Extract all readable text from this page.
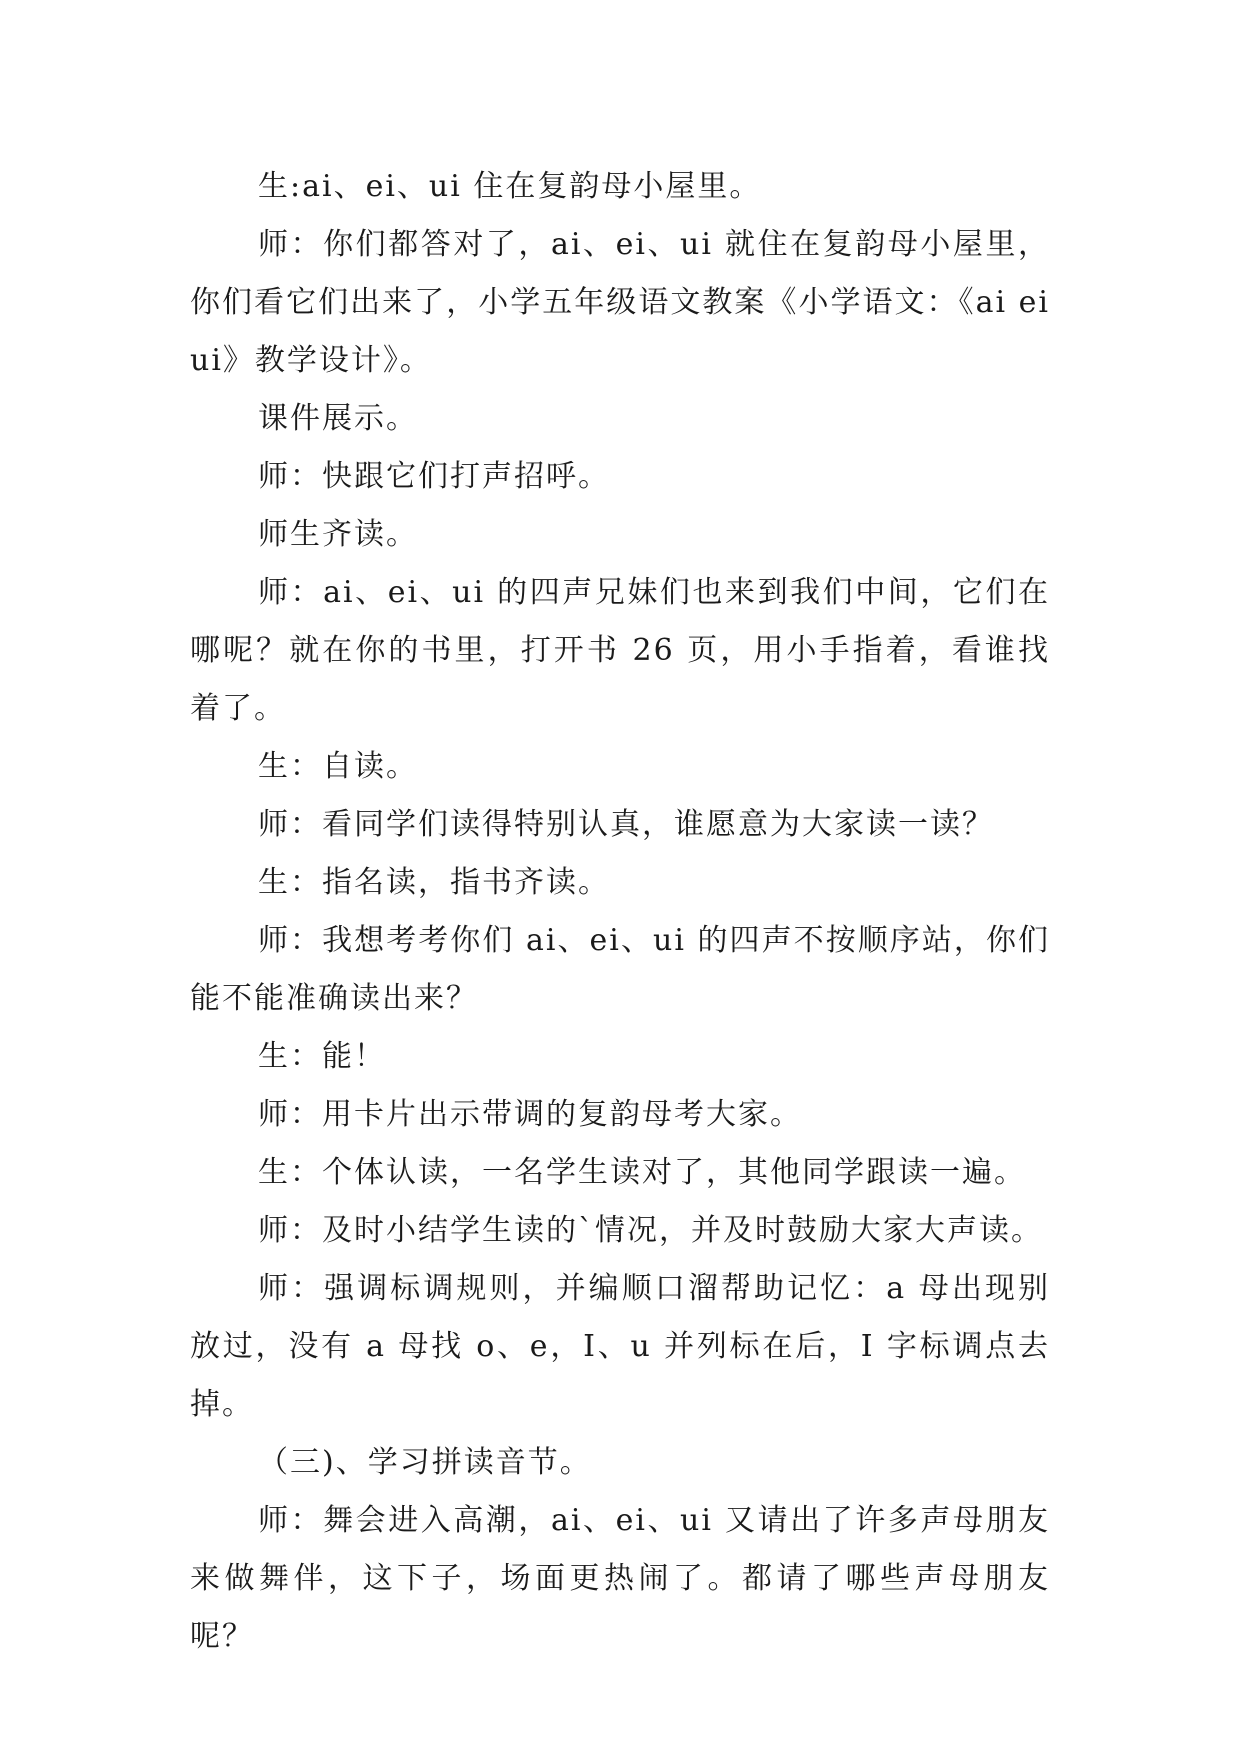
生:ai、ei、ui 住在复韵母小屋里。

师：你们都答对了，ai、ei、ui 就住在复韵母小屋里，你们看它们出来了，小学五年级语文教案《小学语文：《ai ei ui》教学设计》。

课件展示。

师：快跟它们打声招呼。

师生齐读。

师：ai、ei、ui 的四声兄妹们也来到我们中间，它们在哪呢？就在你的书里，打开书 26 页，用小手指着，看谁找着了。

生：自读。

师：看同学们读得特别认真，谁愿意为大家读一读？

生：指名读，指书齐读。

师：我想考考你们 ai、ei、ui 的四声不按顺序站，你们能不能准确读出来？

生：能！

师：用卡片出示带调的复韵母考大家。

生：个体认读，一名学生读对了，其他同学跟读一遍。

师：及时小结学生读的`情况，并及时鼓励大家大声读。

师：强调标调规则，并编顺口溜帮助记忆：a 母出现别放过，没有 a 母找 o、e，I、u 并列标在后，I 字标调点去掉。

（三)、学习拼读音节。

师：舞会进入高潮，ai、ei、ui 又请出了许多声母朋友来做舞伴，这下子，场面更热闹了。都请了哪些声母朋友呢？
